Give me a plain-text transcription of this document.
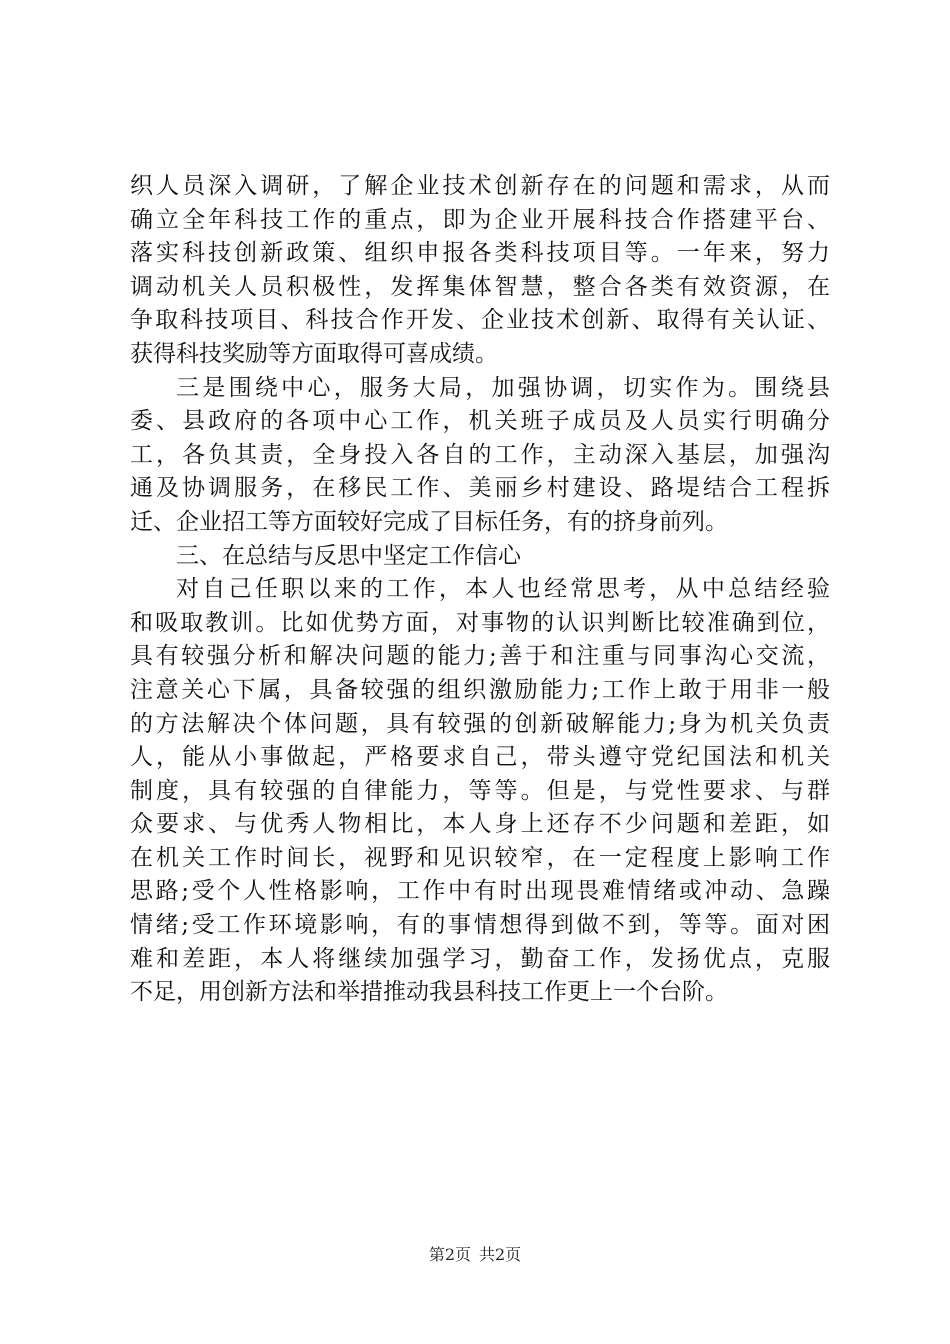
织人员深入调研，了解企业技术创新存在的问题和需求，从而
确立全年科技工作的重点，即为企业开展科技合作搭建平台、
落实科技创新政策、组织申报各类科技项目等。一年来，努力
调动机关人员积极性，发挥集体智慧，整合各类有效资源，在
争取科技项目、科技合作开发、企业技术创新、取得有关认证、
获得科技奖励等方面取得可喜成绩。
三是围绕中心，服务大局，加强协调，切实作为。围绕县
委、县政府的各项中心工作，机关班子成员及人员实行明确分
工，各负其责，全身投入各自的工作，主动深入基层，加强沟
通及协调服务，在移民工作、美丽乡村建设、路堤结合工程拆
迁、企业招工等方面较好完成了目标任务，有的挤身前列。
三、在总结与反思中坚定工作信心
对自己任职以来的工作，本人也经常思考，从中总结经验
和吸取教训。比如优势方面，对事物的认识判断比较准确到位，
具有较强分析和解决问题的能力;善于和注重与同事沟心交流，
注意关心下属，具备较强的组织激励能力;工作上敢于用非一般
的方法解决个体问题，具有较强的创新破解能力;身为机关负责
人，能从小事做起，严格要求自己，带头遵守党纪国法和机关
制度，具有较强的自律能力，等等。但是，与党性要求、与群
众要求、与优秀人物相比，本人身上还存不少问题和差距，如
在机关工作时间长，视野和见识较窄，在一定程度上影响工作
思路;受个人性格影响，工作中有时出现畏难情绪或冲动、急躁
情绪;受工作环境影响，有的事情想得到做不到，等等。面对困
难和差距，本人将继续加强学习，勤奋工作，发扬优点，克服
不足，用创新方法和举措推动我县科技工作更上一个台阶。
第2页 共2页
